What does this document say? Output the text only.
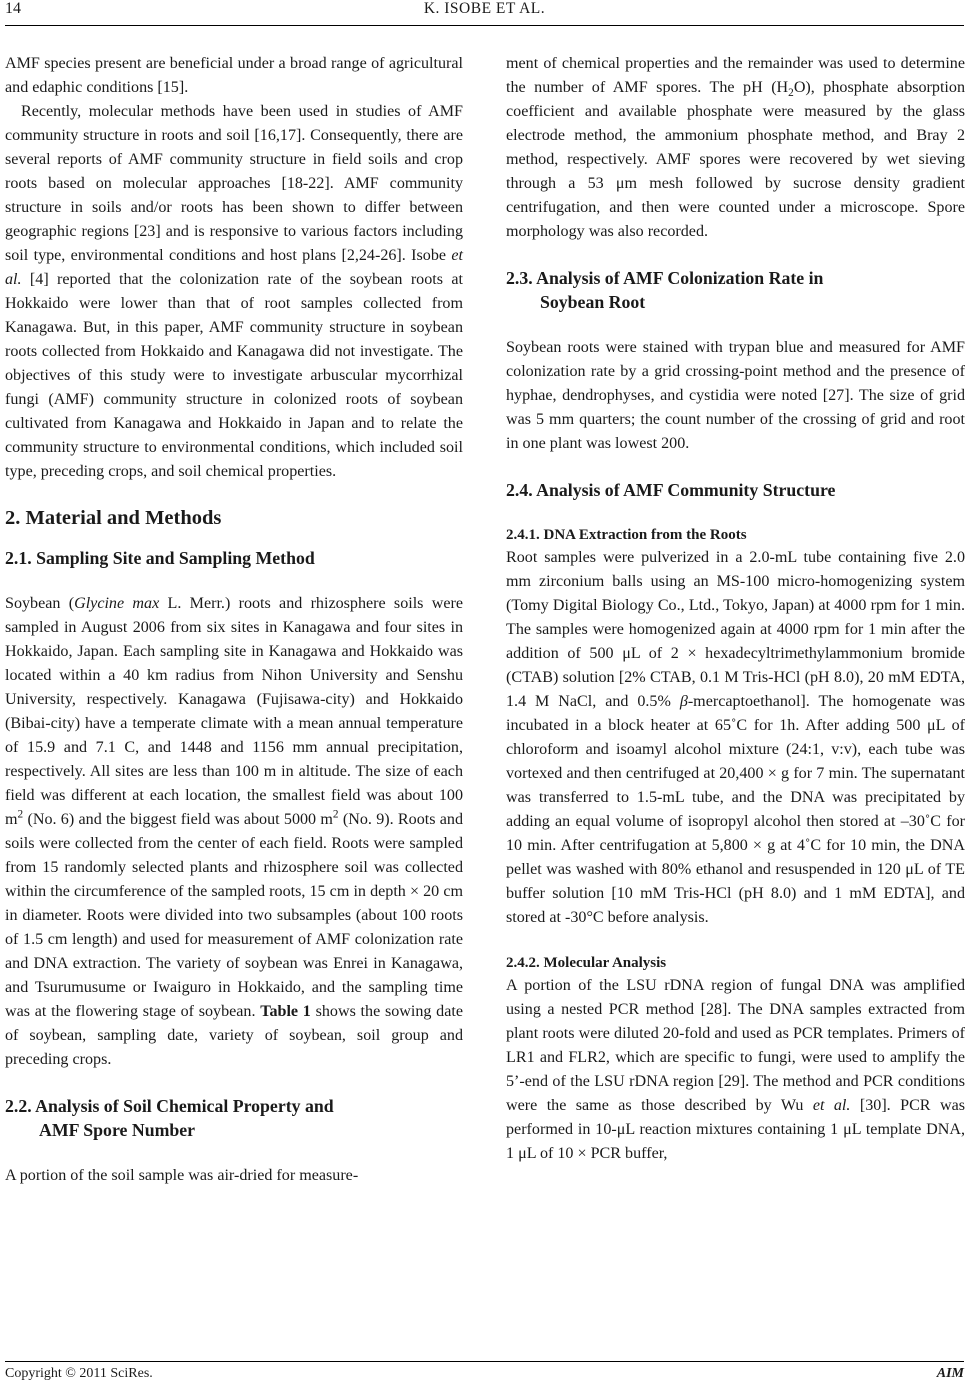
14	K. ISOBE ET AL.

AMF species present are beneficial under a broad range of agricultural and edaphic conditions [15].

Recently, molecular methods have been used in studies of AMF community structure in roots and soil [16,17]. Consequently, there are several reports of AMF community structure in field soils and crop roots based on molecular approaches [18-22]. AMF community structure in soils and/or roots has been shown to differ between geographic regions [23] and is responsive to various factors including soil type, environmental conditions and host plans [2,24-26]. Isobe et al. [4] reported that the colonization rate of the soybean roots at Hokkaido were lower than that of root samples collected from Kanagawa. But, in this paper, AMF community structure in soybean roots collected from Hokkaido and Kanagawa did not investigate. The objectives of this study were to investigate arbuscular mycorrhizal fungi (AMF) community structure in colonized roots of soybean cultivated from Kanagawa and Hokkaido in Japan and to relate the community structure to environmental conditions, which included soil type, preceding crops, and soil chemical properties.

2. Material and Methods
2.1. Sampling Site and Sampling Method

Soybean (Glycine max L. Merr.) roots and rhizosphere soils were sampled in August 2006 from six sites in Kanagawa and four sites in Hokkaido, Japan. Each sampling site in Kanagawa and Hokkaido was located within a 40 km radius from Nihon University and Senshu University, respectively. Kanagawa (Fujisawa-city) and Hokkaido (Bibai-city) have a temperate climate with a mean annual temperature of 15.9 and 7.1 C, and 1448 and 1156 mm annual precipitation, respectively. All sites are less than 100 m in altitude. The size of each field was different at each location, the smallest field was about 100 $m^2$ (No. 6) and the biggest field was about 5000 $m^2$ (No. 9). Roots and soils were collected from the center of each field. Roots were sampled from 15 randomly selected plants and rhizosphere soil was collected within the circumference of the sampled roots, 15 cm in depth × 20 cm in diameter. Roots were divided into two subsamples (about 100 roots of 1.5 cm length) and used for measurement of AMF colonization rate and DNA extraction. The variety of soybean was Enrei in Kanagawa, and Tsurumusume or Iwaiguro in Hokkaido, and the sampling time was at the flowering stage of soybean. Table 1 shows the sowing date of soybean, sampling date, variety of soybean, soil group and preceding crops.

2.2. Analysis of Soil Chemical Property and
AMF Spore Number

A portion of the soil sample was air-dried for measure-

ment of chemical properties and the remainder was used to determine the number of AMF spores. The pH $(H_2O)$, phosphate absorption coefficient and available phosphate were measured by the glass electrode method, the ammonium phosphate method, and Bray 2 method, respectively. AMF spores were recovered by wet sieving through a 53 μm mesh followed by sucrose density gradient centrifugation, and then were counted under a microscope. Spore morphology was also recorded.

2.3. Analysis of AMF Colonization Rate in
Soybean Root

Soybean roots were stained with trypan blue and measured for AMF colonization rate by a grid crossing-point method and the presence of hyphae, dendrophyses, and cystidia were noted [27]. The size of grid was 5 mm quarters; the count number of the crossing of grid and root in one plant was lowest 200.

2.4. Analysis of AMF Community Structure
2.4.1. DNA Extraction from the Roots

Root samples were pulverized in a 2.0-mL tube containing five 2.0 mm zirconium balls using an MS-100 micro-homogenizing system (Tomy Digital Biology Co., Ltd., Tokyo, Japan) at 4000 rpm for 1 min. The samples were homogenized again at 4000 rpm for 1 min after the addition of 500 μL of 2 × hexadecyltrimethylammonium bromide (CTAB) solution [2% CTAB, 0.1 M Tris-HCl (pH 8.0), 20 mM EDTA, 1.4 M NaCl, and 0.5% β-mercaptoethanol]. The homogenate was incubated in a block heater at 65˚C for 1h. After adding 500 μL of chloroform and isoamyl alcohol mixture (24:1, v:v), each tube was vortexed and then centrifuged at 20,400 × g for 7 min. The supernatant was transferred to 1.5-mL tube, and the DNA was precipitated by adding an equal volume of isopropyl alcohol then stored at –30˚C for 10 min. After centrifugation at 5,800 × g at 4˚C for 10 min, the DNA pellet was washed with 80% ethanol and resuspended in 120 μL of TE buffer solution [10 mM Tris-HCl (pH 8.0) and 1 mM EDTA], and stored at -30°C before analysis.

2.4.2. Molecular Analysis

A portion of the LSU rDNA region of fungal DNA was amplified using a nested PCR method [28]. The DNA samples extracted from plant roots were diluted 20-fold and used as PCR templates. Primers of LR1 and FLR2, which are specific to fungi, were used to amplify the 5’-end of the LSU rDNA region [29]. The method and PCR conditions were the same as those described by Wu et al. [30]. PCR was performed in 10-μL reaction mixtures containing 1 μL template DNA, 1 μL of 10 × PCR buffer,

Copyright © 2011 SciRes.	AIM
